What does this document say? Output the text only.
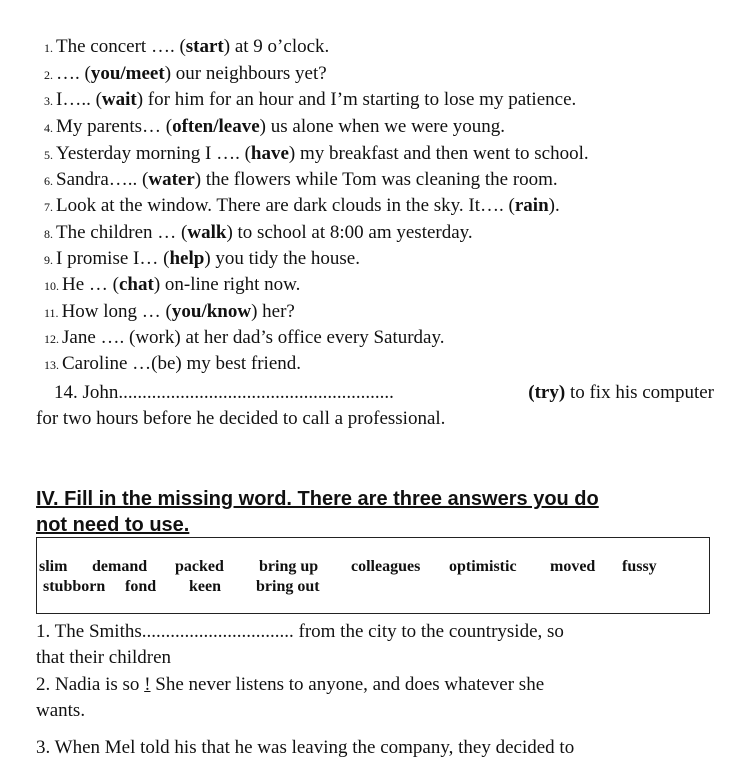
1. The concert …. (start) at 9 o’clock.
2. …. (you/meet) our neighbours yet?
3. I….. (wait) for him for an hour and I’m starting to lose my patience.
4. My parents… (often/leave) us alone when we were young.
5. Yesterday morning I …. (have) my breakfast and then went to school.
6. Sandra….. (water) the flowers while Tom was cleaning the room.
7. Look at the window. There are dark clouds in the sky. It…. (rain).
8. The children … (walk) to school at 8:00 am yesterday.
9. I promise I… (help) you tidy the house.
10. He … (chat) on-line right now.
11. How long … (you/know) her?
12. Jane …. (work) at her dad’s office every Saturday.
13. Caroline …(be) my best friend.
14. John..........................................................	(try) to fix his computer
for two hours before he decided to call a professional.
IV. Fill in the missing word. There are three answers you do
not need to use.
slim demand packed bring up colleagues optimistic moved fussy
stubborn fond keen bring out
1. The Smiths................................ from the city to the countryside, so
that their children
2. Nadia is so ! She never listens to anyone, and does whatever she
wants.
3. When Mel told his that he was leaving the company, they decided to
